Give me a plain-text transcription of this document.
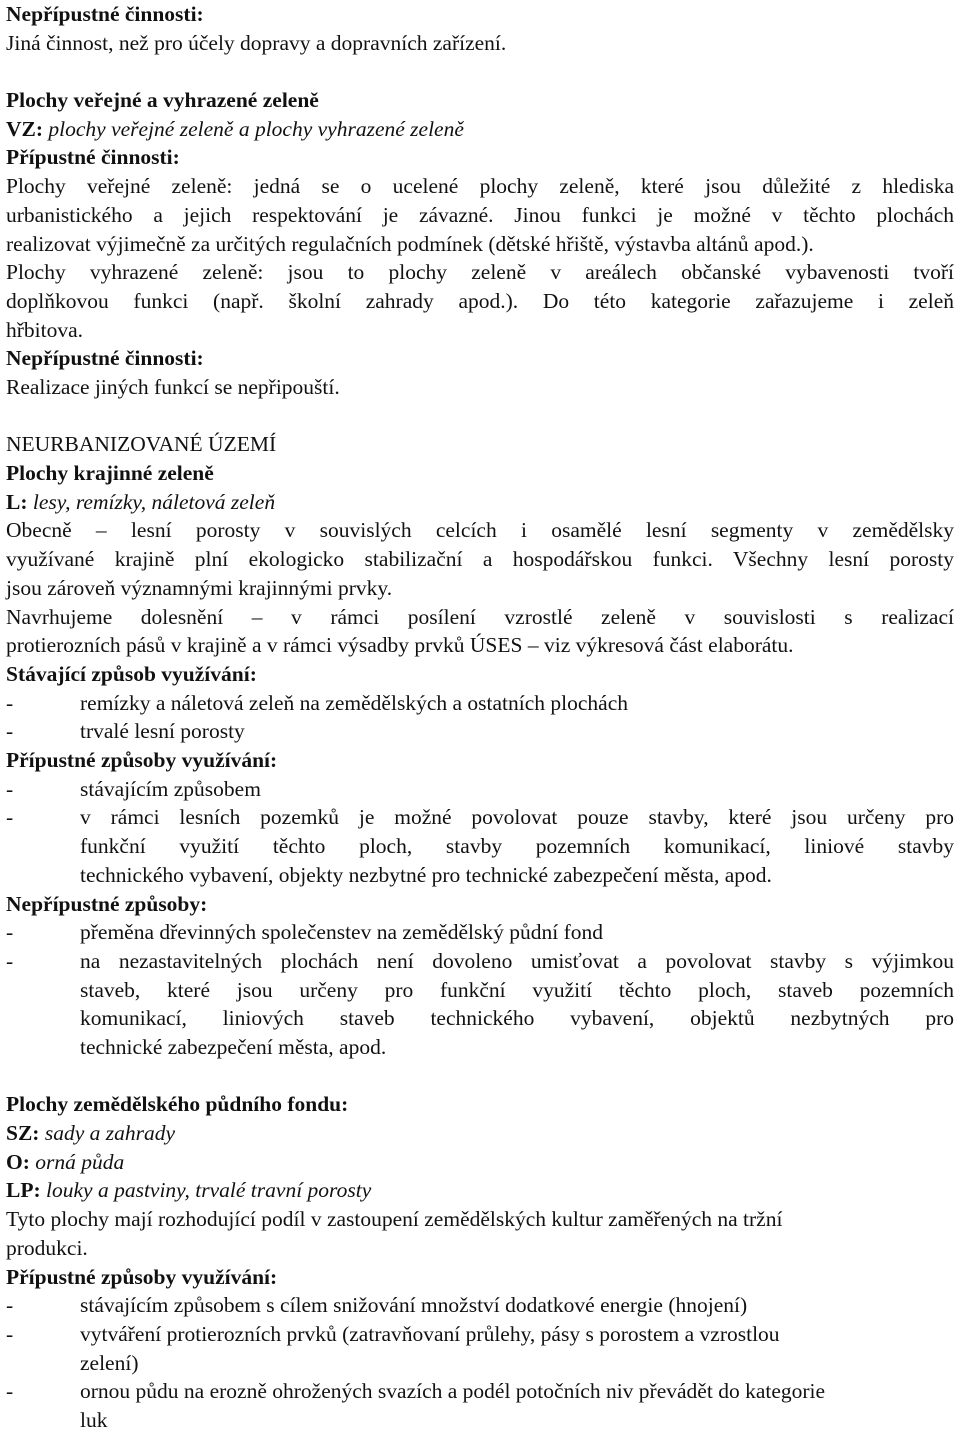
Nepřípustné činnosti:
Jiná činnost, než pro účely dopravy a dopravních zařízení.
Plochy veřejné a vyhrazené zeleně
VZ: plochy veřejné zeleně a plochy vyhrazené zeleně
Přípustné činnosti:
Plochy veřejné zeleně: jedná se o ucelené plochy zeleně, které jsou důležité z hlediska
urbanistického a jejich respektování je závazné. Jinou funkci je možné v těchto plochách
realizovat výjimečně za určitých regulačních podmínek (dětské hřiště, výstavba altánů apod.).
Plochy vyhrazené zeleně: jsou to plochy zeleně v areálech občanské vybavenosti tvoří
doplňkovou funkci (např. školní zahrady apod.). Do této kategorie zařazujeme i zeleň
hřbitova.
Nepřípustné činnosti:
Realizace jiných funkcí se nepřipouští.
NEURBANIZOVANÉ ÚZEMÍ
Plochy krajinné zeleně
L: lesy, remízky, náletová zeleň
Obecně – lesní porosty v souvislých celcích i osamělé lesní segmenty v zemědělsky
využívané krajině plní ekologicko stabilizační a hospodářskou funkci. Všechny lesní porosty
jsou zároveň významnými krajinnými prvky.
Navrhujeme dolesnění – v rámci posílení vzrostlé zeleně v souvislosti s realizací
protierozních pásů v krajině a v rámci výsadby prvků ÚSES – viz výkresová část elaborátu.
Stávající způsob využívání:
-	remízky a náletová zeleň na zemědělských a ostatních plochách
-	trvalé lesní porosty
Přípustné způsoby využívání:
-	stávajícím způsobem
-	v rámci lesních pozemků je možné povolovat pouze stavby, které jsou určeny pro
funkční využití těchto ploch, stavby pozemních komunikací, liniové stavby
technického vybavení, objekty nezbytné pro technické zabezpečení města, apod.
Nepřípustné způsoby:
-	přeměna dřevinných společenstev na zemědělský půdní fond
-	na nezastavitelných plochách není dovoleno umisťovat a povolovat stavby s výjimkou
staveb, které jsou určeny pro funkční využití těchto ploch, staveb pozemních
komunikací, liniových staveb technického vybavení, objektů nezbytných pro
technické zabezpečení města, apod.
Plochy zemědělského půdního fondu:
SZ: sady a zahrady
O: orná půda
LP: louky a pastviny, trvalé travní porosty
Tyto plochy mají rozhodující podíl v zastoupení zemědělských kultur zaměřených na tržní
produkci.
Přípustné způsoby využívání:
-	stávajícím způsobem s cílem snižování množství dodatkové energie (hnojení)
-	vytváření protierozních prvků (zatravňovaní průlehy, pásy s porostem a vzrostlou
zelení)
-	ornou půdu na erozně ohrožených svazích a podél potočních niv převádět do kategorie
luk
